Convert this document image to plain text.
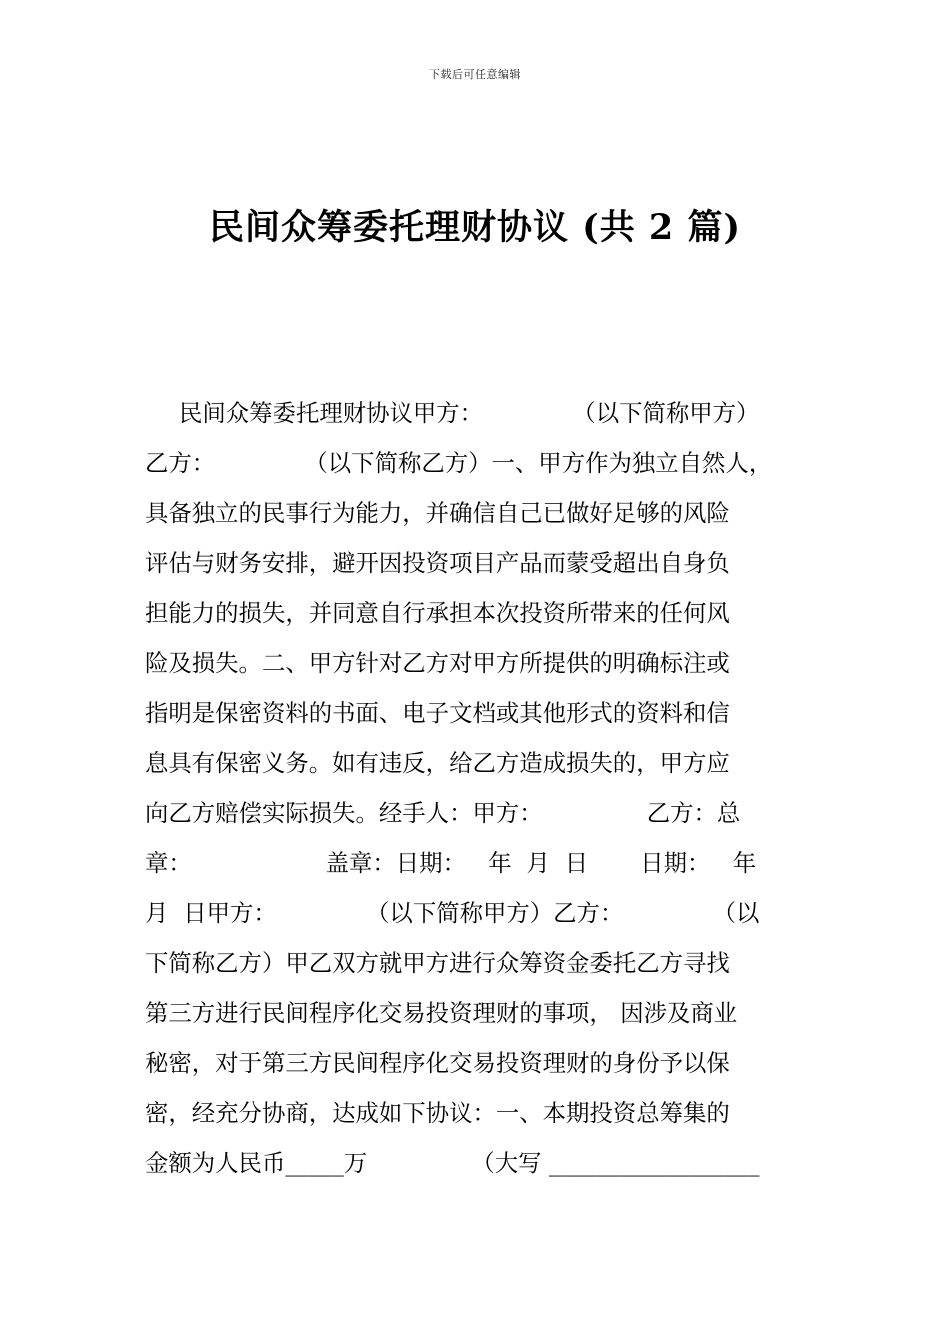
下载后可任意编辑
民间众筹委托理财协议 (共 2 篇)
民间众筹委托理财协议甲方：            （以下简称甲方）
乙方：            （以下简称乙方）一、甲方作为独立自然人，
具备独立的民事行为能力，并确信自己已做好足够的风险
评估与财务安排，避开因投资项目产品而蒙受超出自身负
担能力的损失，并同意自行承担本次投资所带来的任何风
险及损失。二、甲方针对乙方对甲方所提供的明确标注或
指明是保密资料的书面、电子文档或其他形式的资料和信
息具有保密义务。如有违反，给乙方造成损失的，甲方应
向乙方赔偿实际损失。经手人：甲方：              乙方：总
章：                  盖章：日期：   年  月  日       日期：   年
月  日甲方：            （以下简称甲方）乙方：            （以
下简称乙方）甲乙双方就甲方进行众筹资金委托乙方寻找
第三方进行民间程序化交易投资理财的事项， 因涉及商业
秘密，对于第三方民间程序化交易投资理财的身份予以保
密，经充分协商，达成如下协议：一、本期投资总筹集的
金额为人民币_____万              （大写 __________________
